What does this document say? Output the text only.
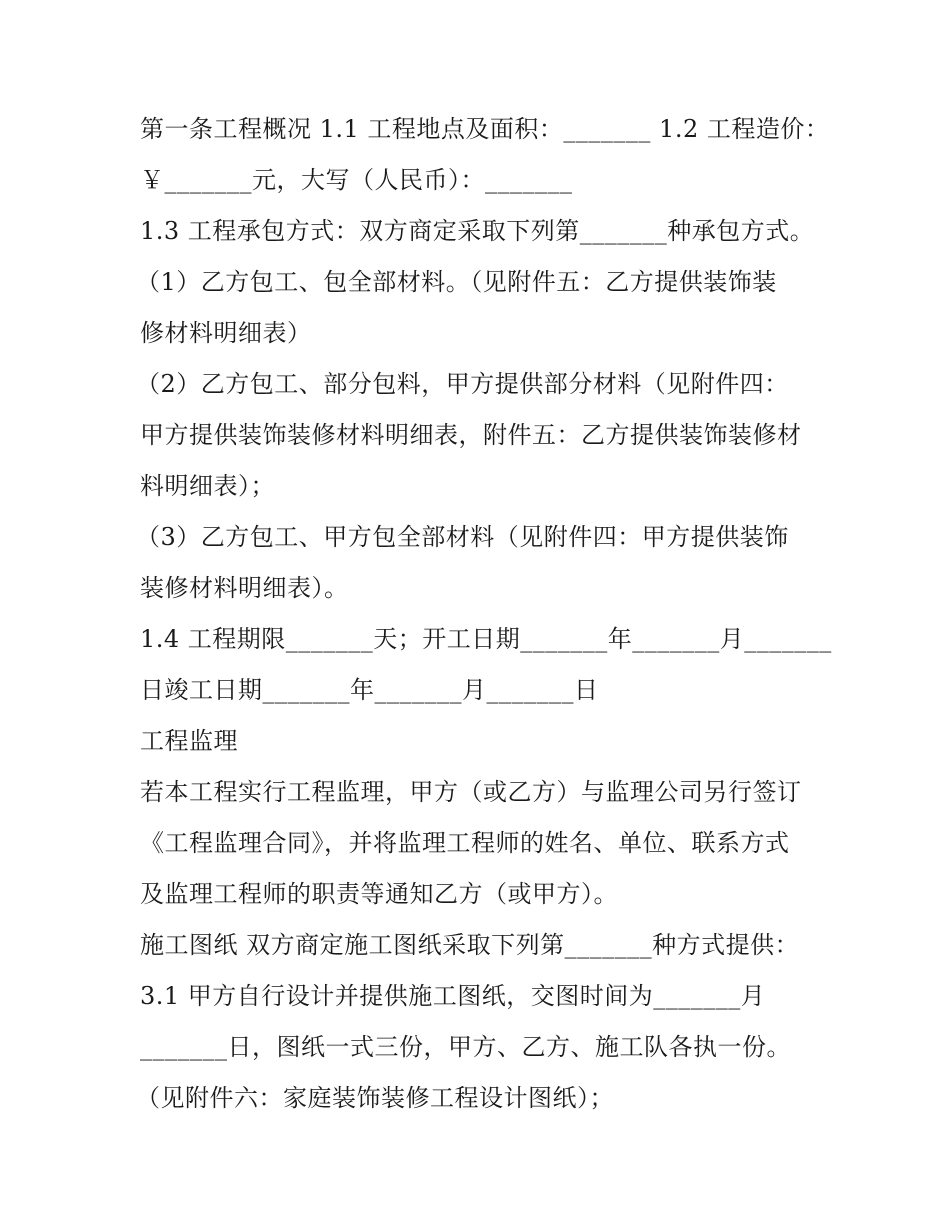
第一条工程概况 1.1 工程地点及面积：_______ 1.2 工程造价：
￥_______元，大写（人民币）：_______
1.3 工程承包方式：双方商定采取下列第_______种承包方式。
（1）乙方包工、包全部材料。（见附件五：乙方提供装饰装
修材料明细表）
（2）乙方包工、部分包料，甲方提供部分材料（见附件四：
甲方提供装饰装修材料明细表，附件五：乙方提供装饰装修材
料明细表）；
（3）乙方包工、甲方包全部材料（见附件四：甲方提供装饰
装修材料明细表）。
1.4 工程期限_______天；开工日期_______年_______月_______
日竣工日期_______年_______月_______日
工程监理
若本工程实行工程监理，甲方（或乙方）与监理公司另行签订
《工程监理合同》，并将监理工程师的姓名、单位、联系方式
及监理工程师的职责等通知乙方（或甲方）。
施工图纸 双方商定施工图纸采取下列第_______种方式提供：
3.1 甲方自行设计并提供施工图纸，交图时间为_______月
_______日，图纸一式三份，甲方、乙方、施工队各执一份。
（见附件六：家庭装饰装修工程设计图纸）；
